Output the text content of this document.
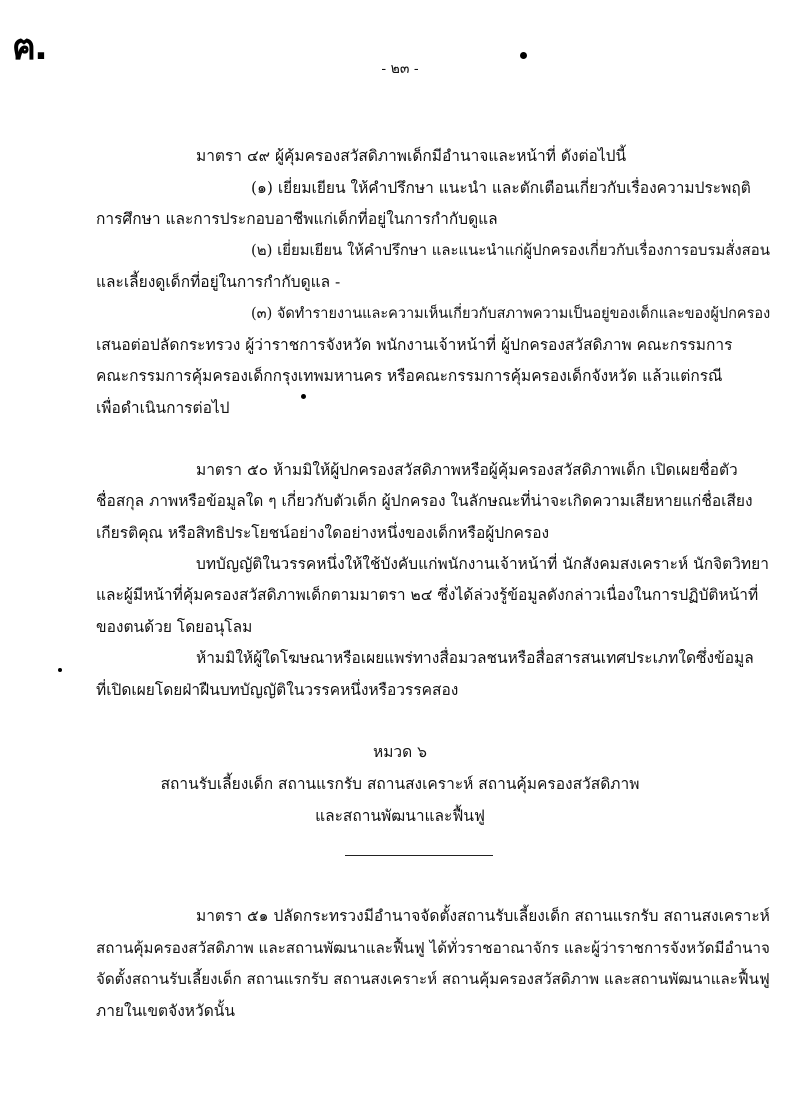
ฅ.
- ๒๓ -
มาตรา ๔๙ ผู้คุ้มครองสวัสดิภาพเด็กมีอำนาจและหน้าที่ ดังต่อไปนี้
(๑) เยี่ยมเยียน ให้คำปรึกษา แนะนำ และตักเตือนเกี่ยวกับเรื่องความประพฤติ
การศึกษา และการประกอบอาชีพแก่เด็กที่อยู่ในการกำกับดูแล
(๒) เยี่ยมเยียน ให้คำปรึกษา และแนะนำแก่ผู้ปกครองเกี่ยวกับเรื่องการอบรมสั่งสอน
และเลี้ยงดูเด็กที่อยู่ในการกำกับดูแล -
(๓) จัดทำรายงานและความเห็นเกี่ยวกับสภาพความเป็นอยู่ของเด็กและของผู้ปกครอง
เสนอต่อปลัดกระทรวง ผู้ว่าราชการจังหวัด พนักงานเจ้าหน้าที่ ผู้ปกครองสวัสดิภาพ คณะกรรมการ
คณะกรรมการคุ้มครองเด็กกรุงเทพมหานคร หรือคณะกรรมการคุ้มครองเด็กจังหวัด แล้วแต่กรณี
เพื่อดำเนินการต่อไป
มาตรา ๕๐ ห้ามมิให้ผู้ปกครองสวัสดิภาพหรือผู้คุ้มครองสวัสดิภาพเด็ก เปิดเผยชื่อตัว
ชื่อสกุล ภาพหรือข้อมูลใด ๆ เกี่ยวกับตัวเด็ก ผู้ปกครอง ในลักษณะที่น่าจะเกิดความเสียหายแก่ชื่อเสียง
เกียรติคุณ หรือสิทธิประโยชน์อย่างใดอย่างหนึ่งของเด็กหรือผู้ปกครอง
บทบัญญัติในวรรคหนึ่งให้ใช้บังคับแก่พนักงานเจ้าหน้าที่ นักสังคมสงเคราะห์ นักจิตวิทยา
และผู้มีหน้าที่คุ้มครองสวัสดิภาพเด็กตามมาตรา ๒๔ ซึ่งได้ล่วงรู้ข้อมูลดังกล่าวเนื่องในการปฏิบัติหน้าที่
ของตนด้วย โดยอนุโลม
ห้ามมิให้ผู้ใดโฆษณาหรือเผยแพร่ทางสื่อมวลชนหรือสื่อสารสนเทศประเภทใดซึ่งข้อมูล
ที่เปิดเผยโดยฝ่าฝืนบทบัญญัติในวรรคหนึ่งหรือวรรคสอง
หมวด ๖
สถานรับเลี้ยงเด็ก สถานแรกรับ สถานสงเคราะห์ สถานคุ้มครองสวัสดิภาพ
และสถานพัฒนาและฟื้นฟู
มาตรา ๕๑ ปลัดกระทรวงมีอำนาจจัดตั้งสถานรับเลี้ยงเด็ก สถานแรกรับ สถานสงเคราะห์
สถานคุ้มครองสวัสดิภาพ และสถานพัฒนาและฟื้นฟู ได้ทั่วราชอาณาจักร และผู้ว่าราชการจังหวัดมีอำนาจ
จัดตั้งสถานรับเลี้ยงเด็ก สถานแรกรับ สถานสงเคราะห์ สถานคุ้มครองสวัสดิภาพ และสถานพัฒนาและฟื้นฟู
ภายในเขตจังหวัดนั้น
